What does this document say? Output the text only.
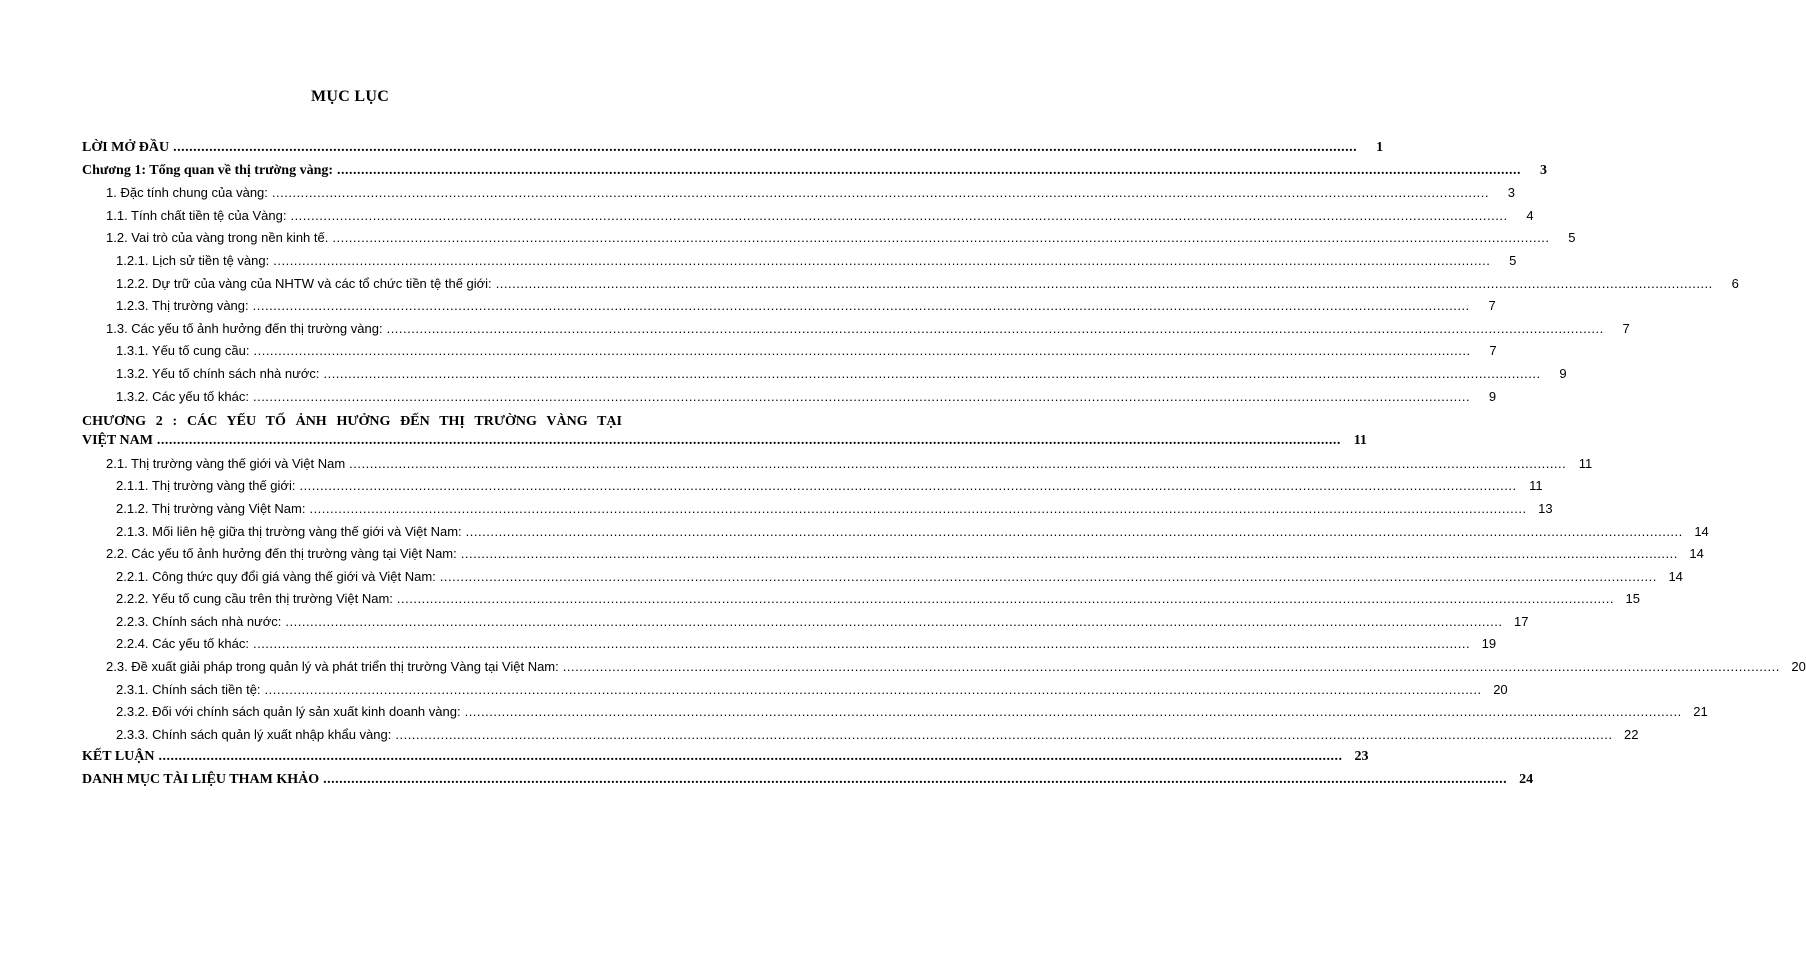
MỤC LỤC
LỜI MỞ ĐẦU .....	1
Chương 1: Tổng quan về thị trường vàng: .....	3
1. Đặc tính chung của vàng: .....	3
1.1. Tính chất tiền tệ của Vàng: .....	4
1.2. Vai trò của vàng trong nền kinh tế. .....	5
1.2.1. Lịch sử tiền tệ vàng: .....	5
1.2.2. Dự trữ của vàng của NHTW và các tổ chức tiền tệ thế giới: .....	6
1.2.3. Thị trường vàng: .....	7
1.3. Các yếu tố ảnh hưởng đến thị trường vàng: .....	7
1.3.1. Yếu tố cung cầu: .....	7
1.3.2. Yếu tố chính sách nhà nước: .....	9
1.3.2. Các yếu tố khác: .....	9
CHƯƠNG 2 : CÁC YẾU TỐ ẢNH HƯỞNG ĐẾN THỊ TRƯỜNG VÀNG TẠI
VIỆT NAM .....	11
2.1. Thị trường vàng thế giới và Việt Nam .....	11
2.1.1. Thị trường vàng thế giới: .....	11
2.1.2. Thị trường vàng Việt Nam: .....	13
2.1.3. Mối liên hệ giữa thị trường vàng thế giới và Việt Nam: .....	14
2.2. Các yếu tố ảnh hưởng đến thị trường vàng tại Việt Nam: .....	14
2.2.1. Công thức quy đổi giá vàng thế giới và Việt Nam: .....	14
2.2.2. Yếu tố cung cầu trên thị trường Việt Nam: .....	15
2.2.3. Chính sách nhà nước: .....	17
2.2.4. Các yếu tố khác: .....	19
2.3. Đề xuất giải pháp trong quản lý và phát triển thị trường Vàng tại Việt Nam: .....	20
2.3.1. Chính sách tiền tệ: .....	20
2.3.2. Đối với chính sách quản lý sản xuất kinh doanh vàng: .....	21
2.3.3. Chính sách quản lý xuất nhập khẩu vàng: .....	22
KẾT LUẬN .....	23
DANH MỤC TÀI LIỆU THAM KHẢO .....	24
